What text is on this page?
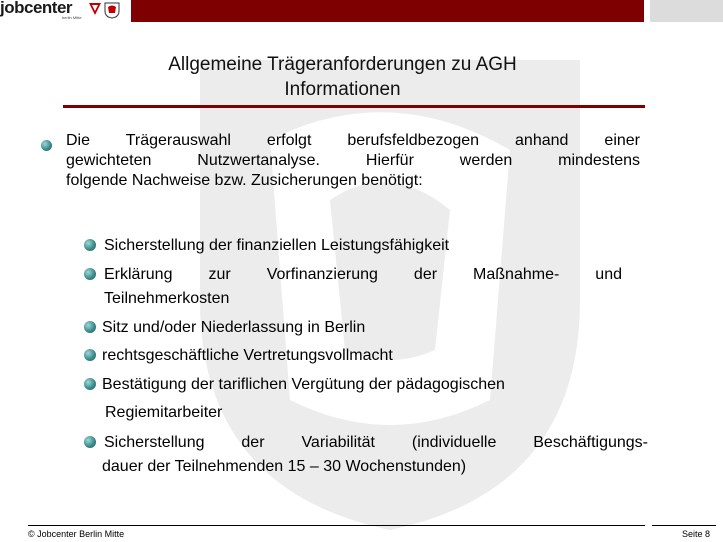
jobcenter
berlin Mitte
Allgemeine Trägeranforderungen zu AGH
Informationen
Die Trägerauswahl erfolgt berufsfeldbezogen anhand einer
gewichteten Nutzwertanalyse. Hierfür werden mindestens
folgende Nachweise bzw. Zusicherungen benötigt:
Sicherstellung der finanziellen Leistungsfähigkeit
Erklärung zur Vorfinanzierung der Maßnahme- und
Teilnehmerkosten
Sitz und/oder Niederlassung in Berlin
rechtsgeschäftliche Vertretungsvollmacht
Bestätigung der tariflichen Vergütung der pädagogischen
Regiemitarbeiter
Sicherstellung der Variabilität (individuelle Beschäftigungs-
dauer der Teilnehmenden 15 – 30 Wochenstunden)
© Jobcenter Berlin Mitte	Seite 8
